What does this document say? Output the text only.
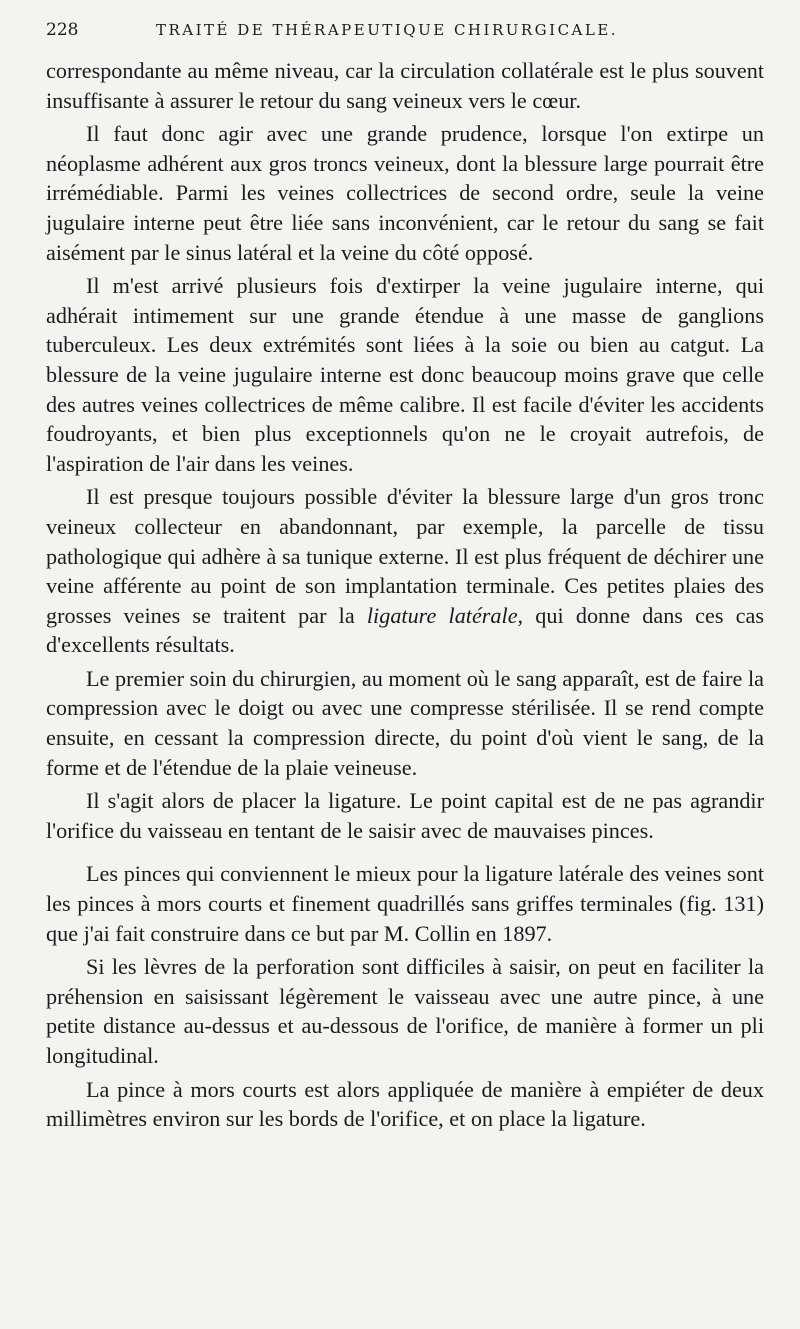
228	TRAITÉ DE THÉRAPEUTIQUE CHIRURGICALE.

correspondante au même niveau, car la circulation collatérale est le plus souvent insuffisante à assurer le retour du sang veineux vers le cœur.

Il faut donc agir avec une grande prudence, lorsque l'on extirpe un néoplasme adhérent aux gros troncs veineux, dont la blessure large pourrait être irrémédiable. Parmi les veines collectrices de second ordre, seule la veine jugulaire interne peut être liée sans inconvénient, car le retour du sang se fait aisément par le sinus latéral et la veine du côté opposé.

Il m'est arrivé plusieurs fois d'extirper la veine jugulaire interne, qui adhérait intimement sur une grande étendue à une masse de ganglions tuberculeux. Les deux extrémités sont liées à la soie ou bien au catgut. La blessure de la veine jugulaire interne est donc beaucoup moins grave que celle des autres veines collectrices de même calibre. Il est facile d'éviter les accidents foudroyants, et bien plus exceptionnels qu'on ne le croyait autrefois, de l'aspiration de l'air dans les veines.

Il est presque toujours possible d'éviter la blessure large d'un gros tronc veineux collecteur en abandonnant, par exemple, la parcelle de tissu pathologique qui adhère à sa tunique externe. Il est plus fréquent de déchirer une veine afférente au point de son implantation terminale. Ces petites plaies des grosses veines se traitent par la ligature latérale, qui donne dans ces cas d'excellents résultats.

Le premier soin du chirurgien, au moment où le sang apparaît, est de faire la compression avec le doigt ou avec une compresse stérilisée. Il se rend compte ensuite, en cessant la compression directe, du point d'où vient le sang, de la forme et de l'étendue de la plaie veineuse.

Il s'agit alors de placer la ligature. Le point capital est de ne pas agrandir l'orifice du vaisseau en tentant de le saisir avec de mauvaises pinces.

Les pinces qui conviennent le mieux pour la ligature latérale des veines sont les pinces à mors courts et finement quadrillés sans griffes terminales (fig. 131) que j'ai fait construire dans ce but par M. Collin en 1897.

Si les lèvres de la perforation sont difficiles à saisir, on peut en faciliter la préhension en saisissant légèrement le vaisseau avec une autre pince, à une petite distance au-dessus et au-dessous de l'orifice, de manière à former un pli longitudinal.

La pince à mors courts est alors appliquée de manière à empiéter de deux millimètres environ sur les bords de l'orifice, et on place la ligature.
